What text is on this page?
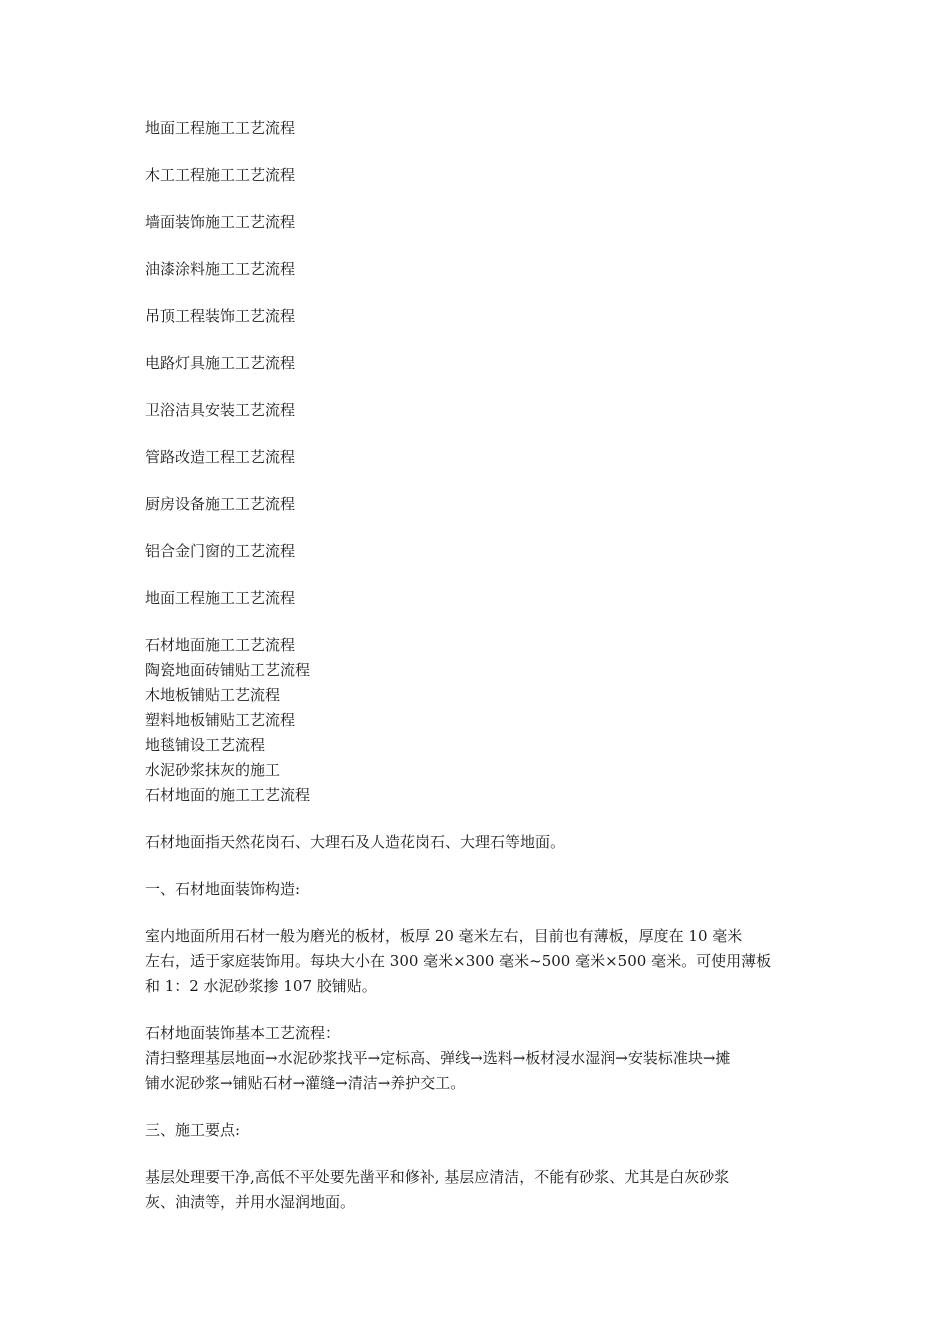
地面工程施工工艺流程

木工工程施工工艺流程

墙面装饰施工工艺流程

油漆涂料施工工艺流程

吊顶工程装饰工艺流程

电路灯具施工工艺流程

卫浴洁具安装工艺流程

管路改造工程工艺流程

厨房设备施工工艺流程

铝合金门窗的工艺流程

地面工程施工工艺流程

石材地面施工工艺流程
陶瓷地面砖铺贴工艺流程
木地板铺贴工艺流程
塑料地板铺贴工艺流程
地毯铺设工艺流程
水泥砂浆抹灰的施工
石材地面的施工工艺流程

石材地面指天然花岗石、大理石及人造花岗石、大理石等地面。

一、石材地面装饰构造:

室内地面所用石材一般为磨光的板材，板厚 20 毫米左右，目前也有薄板，厚度在 10 毫米
左右，适于家庭装饰用。每块大小在 300 毫米×300 毫米~500 毫米×500 毫米。可使用薄板
和 1：2 水泥砂浆掺 107 胶铺贴。
石材地面装饰基本工艺流程：
清扫整理基层地面→水泥砂浆找平→定标高、弹线→选料→板材浸水湿润→安装标准块→摊
铺水泥砂浆→铺贴石材→灌缝→清洁→养护交工。

三、施工要点:

基层处理要干净,高低不平处要先凿平和修补, 基层应清洁，不能有砂浆、尤其是白灰砂浆
灰、油渍等，并用水湿润地面。
